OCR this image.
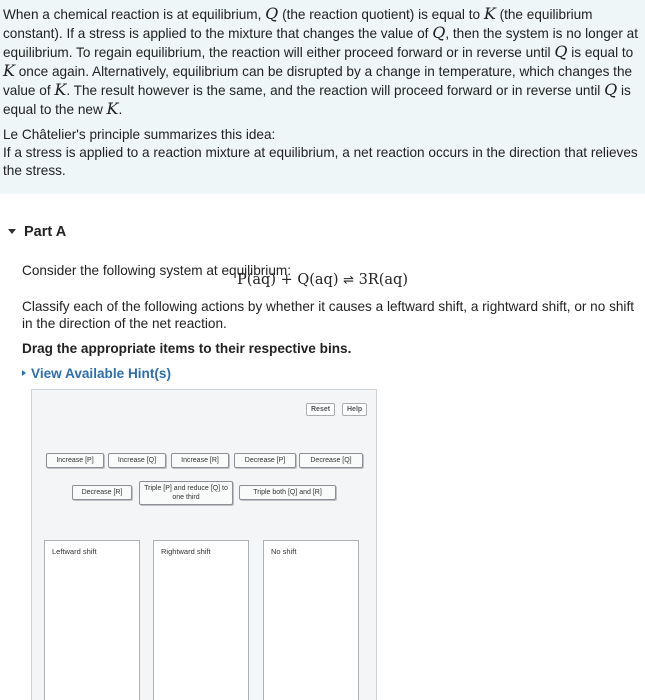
When a chemical reaction is at equilibrium, Q (the reaction quotient) is equal to K (the equilibrium constant). If a stress is applied to the mixture that changes the value of Q, then the system is no longer at equilibrium. To regain equilibrium, the reaction will either proceed forward or in reverse until Q is equal to K once again. Alternatively, equilibrium can be disrupted by a change in temperature, which changes the value of K. The result however is the same, and the reaction will proceed forward or in reverse until Q is equal to the new K.

Le Châtelier's principle summarizes this idea:
If a stress is applied to a reaction mixture at equilibrium, a net reaction occurs in the direction that relieves the stress.

Part A
Consider the following system at equilibrium:
P(aq) + Q(aq) ⇌ 3R(aq)
Classify each of the following actions by whether it causes a leftward shift, a rightward shift, or no shift in the direction of the net reaction.
Drag the appropriate items to their respective bins.
View Available Hint(s)
Reset	Help
Increase [P]	Increase [Q]	Increase [R]	Decrease [P]	Decrease [Q]
Decrease [R]
Triple [P] and reduce [Q] to one third
Triple both [Q] and [R]
Leftward shift	Rightward shift	No shift
